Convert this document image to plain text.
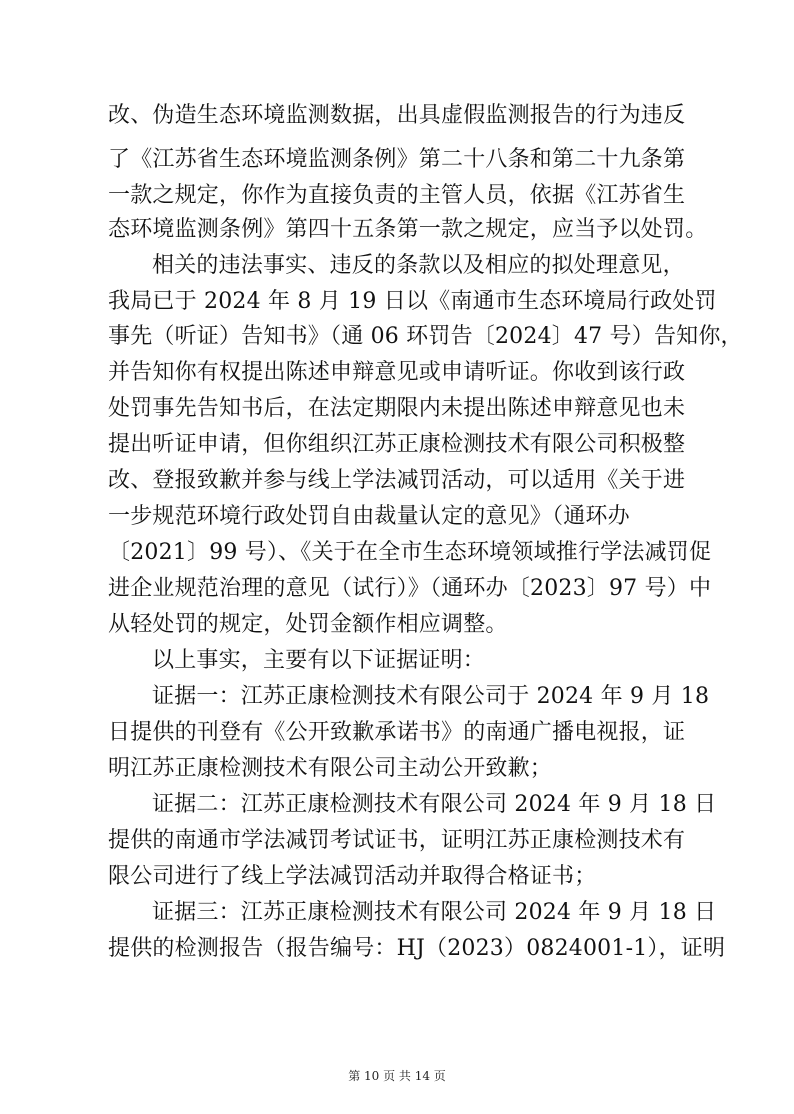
改、伪造生态环境监测数据，出具虚假监测报告的行为违反
了《江苏省生态环境监测条例》第二十八条和第二十九条第
一款之规定，你作为直接负责的主管人员，依据《江苏省生
态环境监测条例》第四十五条第一款之规定，应当予以处罚。
相关的违法事实、违反的条款以及相应的拟处理意见，
我局已于 2024 年 8 月 19 日以《南通市生态环境局行政处罚
事先（听证）告知书》（通 06 环罚告〔2024〕47 号）告知你，
并告知你有权提出陈述申辩意见或申请听证。你收到该行政
处罚事先告知书后，在法定期限内未提出陈述申辩意见也未
提出听证申请，但你组织江苏正康检测技术有限公司积极整
改、登报致歉并参与线上学法减罚活动，可以适用《关于进
一步规范环境行政处罚自由裁量认定的意见》（通环办
〔2021〕99 号）、《关于在全市生态环境领域推行学法减罚促
进企业规范治理的意见（试行）》（通环办〔2023〕97 号）中
从轻处罚的规定，处罚金额作相应调整。
以上事实，主要有以下证据证明：
证据一：江苏正康检测技术有限公司于 2024 年 9 月 18
日提供的刊登有《公开致歉承诺书》的南通广播电视报，证
明江苏正康检测技术有限公司主动公开致歉；
证据二：江苏正康检测技术有限公司 2024 年 9 月 18 日
提供的南通市学法减罚考试证书，证明江苏正康检测技术有
限公司进行了线上学法减罚活动并取得合格证书；
证据三：江苏正康检测技术有限公司 2024 年 9 月 18 日
提供的检测报告（报告编号：HJ（2023）0824001-1），证明
第 10 页 共 14 页
